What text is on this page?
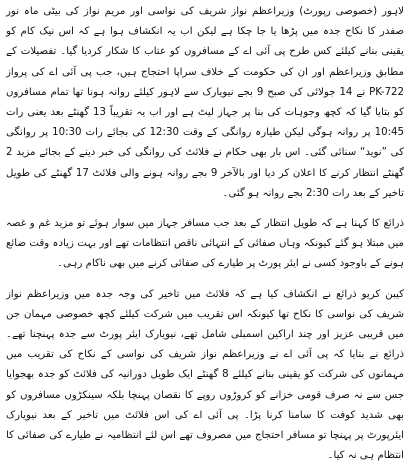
لاہور (خصوصی رپورٹ) وزیراعظم نواز شریف کی نواسی اور مریم نواز کی بیٹی ماہ نور صفدر کا نکاح جدہ میں پڑھا یا جا چکا ہے لیکن اب یہ انکشاف ہوا ہے کہ اس نیک کام کو یقینی بنانے کیلئے کس طرح پی آئی اے کے مسافروں کو عتاب کا شکار کردیا گیا۔ تفصیلات کے مطابق وزیراعظم اور ان کی حکومت کے خلاف سراپا احتجاج ہیں، جب پی آئی اے کی پرواز PK-722 نے 14 جولائی کی صبح 9 بجے نیویارک سے لاہور کیلئے روانہ ہونا تھا تمام مسافروں کو بتایا گیا کہ کچھ وجوہات کی بنا پر جہاز لیٹ ہے اور اب یہ تقریباً 13 گھنٹے بعد یعنی رات 10:45 پر روانہ ہوگی لیکن طیارہ روانگی کے وقت 12:30 کی بجائے رات 10:30 پر روانگی کی ”نوید“ سنائی گئی۔ اس بار بھی حکام نے فلائٹ کی روانگی کی خبر دینے کے بجائے مزید 2 گھنٹے انتظار کرنے کا اعلان کر دیا اور بالآخر 9 بجے روانہ ہونے والی فلائٹ 17 گھنٹے کی طویل تاخیر کے بعد رات 2:30 بجے روانہ ہو گئی۔

ذرائع کا کہنا ہے کہ طویل انتظار کے بعد جب مسافر جہاز میں سوار ہوئے تو مزید غم و غصہ میں مبتلا ہو گئے کیونکہ وہاں صفائی کے انتہائی ناقص انتظامات تھے اور بہت زیادہ وقت ضائع ہونے کے باوجود کسی نے ایئر پورٹ پر طیارے کی صفائی کرنے میں بھی ناکام رہی۔

کیبن کریو ذرائع نے انکشاف کیا ہے کہ فلائٹ میں تاخیر کی وجہ جدہ میں وزیراعظم نواز شریف کی نواسی کا نکاح تھا کیونکہ اس تقریب میں شرکت کیلئے کچھ خصوصی مہمان جن میں قریبی عزیز اور چند اراکین اسمبلی شامل تھے، نیویارک ایئر پورٹ سے جدہ پہنچنا تھے۔ ذرائع نے بتایا کہ پی آئی اے نے وزیراعظم نواز شریف کی نواسی کے نکاح کی تقریب میں مہمانوں کی شرکت کو یقینی بنانے کیلئے 8 گھنٹے ایک طویل دورانیہ کی فلائٹ کو جدہ بھجوایا جس سے نہ صرف قومی خزانے کو کروڑوں روپے کا نقصان پہنچا بلکہ سینکڑوں مسافروں کو بھی شدید کوفت کا سامنا کرنا پڑا۔ پی آئی اے کی اس فلائٹ میں تاخیر کے بعد نیویارک ایئرپورٹ پر پہنچا تو مسافر احتجاج میں مصروف تھے اس لئے انتظامیہ نے طیارے کی صفائی کا انتظام ہی نہ کیا۔
